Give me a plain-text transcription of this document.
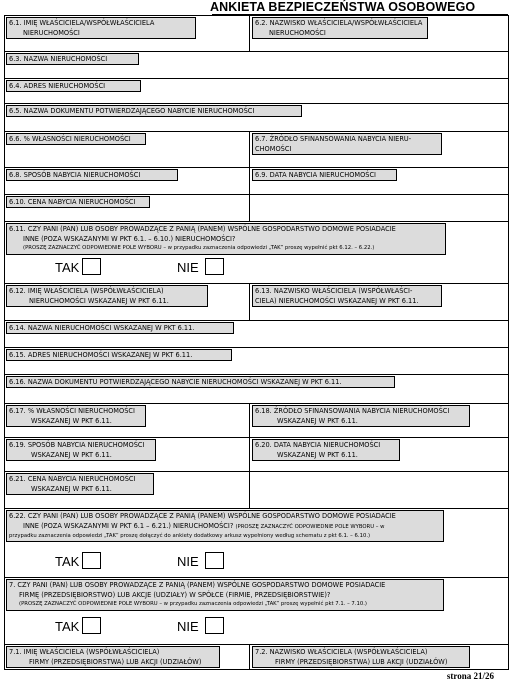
ANKIETA BEZPIECZEŃSTWA OSOBOWEGO
6.1. IMIĘ WŁAŚCICIELA/WSPÓŁWŁAŚCICIELA
NIERUCHOMOŚCI
6.2. NAZWISKO WŁAŚCICIELA/WSPÓŁWŁAŚCICIELA
NIERUCHOMOŚCI
6.3. NAZWA NIERUCHOMOŚCI
6.4. ADRES NIERUCHOMOŚCI
6.5. NAZWA DOKUMENTU POTWIERDZAJĄCEGO NABYCIE NIERUCHOMOŚCI
6.6. % WŁASNOŚCI NIERUCHOMOŚCI	6.7. ŹRÓDŁO SFINANSOWANIA NABYCIA NIERU-
CHOMOŚCI
6.8. SPOSÓB NABYCIA NIERUCHOMOŚCI	6.9. DATA NABYCIA NIERUCHOMOŚCI
6.10. CENA NABYCIA NIERUCHOMOŚCI
6.11. CZY PANI (PAN) LUB OSOBY PROWADZĄCE Z PANIĄ (PANEM) WSPÓLNE GOSPODARSTWO DOMOWE POSIADACIE
INNE (POZA WSKAZANYMI W PKT 6.1. – 6.10.) NIERUCHOMOŚCI?
(PROSZĘ ZAZNACZYĆ ODPOWIEDNIE POLE WYBORU – w przypadku zaznaczenia odpowiedzi „TAK” proszę wypełnić pkt 6.12. – 6.22.)
TAK	NIE
6.12. IMIĘ WŁAŚCICIELA (WSPÓŁWŁAŚCICIELA)
NIERUCHOMOŚCI WSKAZANEJ W PKT 6.11.
6.13. NAZWISKO WŁAŚCICIELA (WSPÓŁWŁAŚCI-
CIELA) NIERUCHOMOŚCI WSKAZANEJ W PKT 6.11.
6.14. NAZWA NIERUCHOMOŚCI WSKAZANEJ W PKT 6.11.
6.15. ADRES NIERUCHOMOŚCI WSKAZANEJ W PKT 6.11.
6.16. NAZWA DOKUMENTU POTWIERDZAJĄCEGO NABYCIE NIERUCHOMOŚCI WSKAZANEJ W PKT 6.11.
6.17. % WŁASNOŚCI NIERUCHOMOŚCI
WSKAZANEJ W PKT 6.11.
6.18. ŹRÓDŁO SFINANSOWANIA NABYCIA NIERUCHOMOŚCI
WSKAZANEJ W PKT 6.11.
6.19. SPOSÓB NABYCIA NIERUCHOMOŚCI
WSKAZANEJ W PKT 6.11.
6.20. DATA NABYCIA NIERUCHOMOŚCI
WSKAZANEJ W PKT 6.11.
6.21. CENA NABYCIA NIERUCHOMOŚCI
WSKAZANEJ W PKT 6.11.
6.22. CZY PANI (PAN) LUB OSOBY PROWADZĄCE Z PANIĄ (PANEM) WSPÓLNE GOSPODARSTWO DOMOWE POSIADACIE
INNE (POZA WSKAZANYMI W PKT 6.1 – 6.21.) NIERUCHOMOŚCI? (PROSZĘ ZAZNACZYĆ ODPOWIEDNIE POLE WYBORU – w
przypadku zaznaczenia odpowiedzi „TAK” proszę dołączyć do ankiety dodatkowy arkusz wypełniony według schematu z pkt 6.1. – 6.10.)
TAK	NIE
7. CZY PANI (PAN) LUB OSOBY PROWADZĄCE Z PANIĄ (PANEM) WSPÓLNE GOSPODARSTWO DOMOWE POSIADACIE
FIRMĘ (PRZEDSIĘBIORSTWO) LUB AKCJE (UDZIAŁY) W SPÓŁCE (FIRMIE, PRZEDSIĘBIORSTWIE)?
(PROSZĘ ZAZNACZYĆ ODPOWIEDNIE POLE WYBORU – w przypadku zaznaczenia odpowiedzi „TAK” proszę wypełnić pkt 7.1. – 7.10.)
TAK	NIE
7.1. IMIĘ WŁAŚCICIELA (WSPÓŁWŁAŚCICIELA)
FIRMY (PRZEDSIĘBIORSTWA) LUB AKCJI (UDZIAŁÓW)
7.2. NAZWISKO WŁAŚCICIELA (WSPÓŁWŁAŚCICIELA)
FIRMY (PRZEDSIĘBIORSTWA) LUB AKCJI (UDZIAŁÓW)
strona 21/26
